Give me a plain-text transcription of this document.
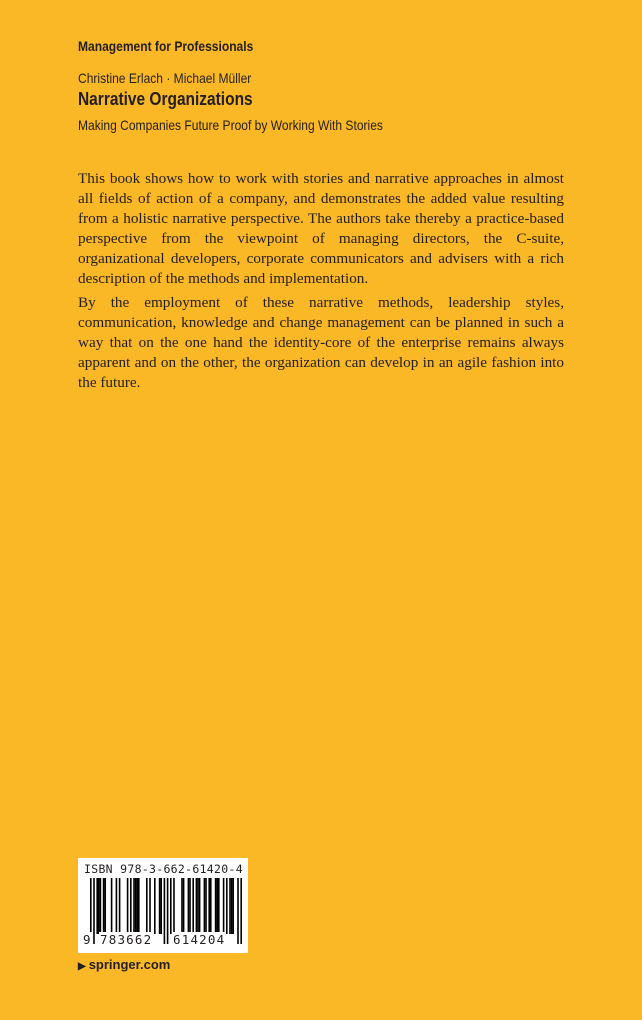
Management for Professionals
Christine Erlach · Michael Müller
Narrative Organizations
Making Companies Future Proof by Working With Stories

This book shows how to work with stories and narrative approaches in almost all fields of action of a company, and demonstrates the added value resulting from a holistic narrative perspective. The authors take thereby a practice-based perspective from the viewpoint of managing directors, the C-suite, organizational developers, corporate communicators and advisers with a rich description of the methods and implementation.

By the employment of these narrative methods, leadership styles, communication, knowledge and change management can be planned in such a way that on the one hand the identity-core of the enterprise remains always apparent and on the other, the organization can develop in an agile fashion into the future.

ISBN 978-3-662-61420-4
9 783662 614204
▶ springer.com
